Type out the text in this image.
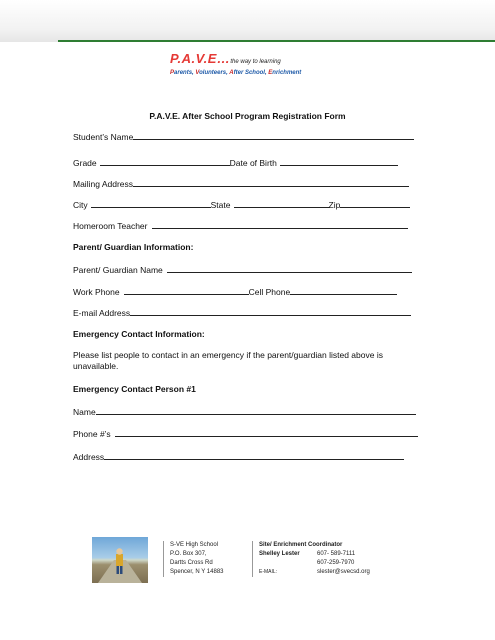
P.A.V.E…the way to learning
Parents, Volunteers, After School, Enrichment
P.A.V.E. After School Program Registration Form
Student’s Name
Grade	Date of Birth
Mailing Address
City	State	Zip
Homeroom Teacher
Parent/ Guardian Information:
Parent/ Guardian Name
Work Phone	Cell Phone
E-mail Address
Emergency Contact Information:
Please list people to contact in an emergency if the parent/guardian listed above is unavailable.
Emergency Contact Person #1
Name
Phone #’s
Address
S-VE High School
P.O. Box 307,
Dartts Cross Rd
Spencer, N Y 14883
Site/ Enrichment Coordinator
Shelley Lester	607- 589-7111
607-259-7970
E-MAIL:	slester@svecsd.org
